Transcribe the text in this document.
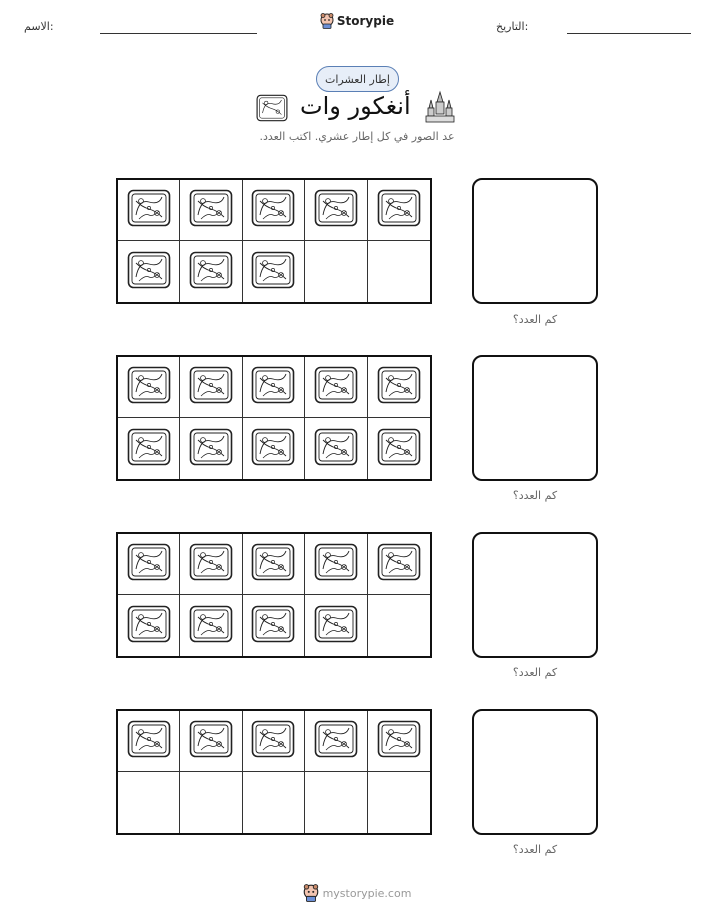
الاسم:	Storypie	التاريخ:
إطار العشرات
أنغكور وات
عد الصور في كل إطار عشري. اكتب العدد.
كم العدد؟
كم العدد؟
كم العدد؟
كم العدد؟
mystorypie.com
